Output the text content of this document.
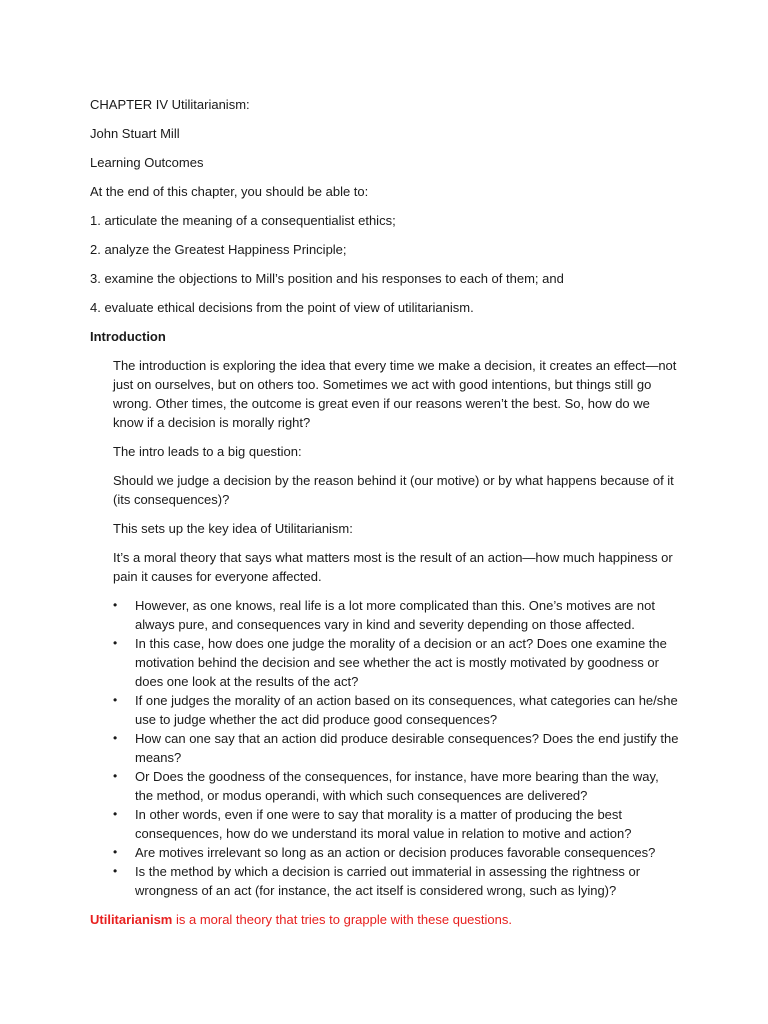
CHAPTER IV Utilitarianism:

John Stuart Mill

Learning Outcomes

At the end of this chapter, you should be able to:

1. articulate the meaning of a consequentialist ethics;

2. analyze the Greatest Happiness Principle;

3. examine the objections to Mill’s position and his responses to each of them; and

4. evaluate ethical decisions from the point of view of utilitarianism.

Introduction

The introduction is exploring the idea that every time we make a decision, it creates an effect—not just on ourselves, but on others too. Sometimes we act with good intentions, but things still go wrong. Other times, the outcome is great even if our reasons weren’t the best. So, how do we know if a decision is morally right?

The intro leads to a big question:

Should we judge a decision by the reason behind it (our motive) or by what happens because of it (its consequences)?

This sets up the key idea of Utilitarianism:

It’s a moral theory that says what matters most is the result of an action—how much happiness or pain it causes for everyone affected.

• However, as one knows, real life is a lot more complicated than this. One’s motives are not always pure, and consequences vary in kind and severity depending on those affected.
• In this case, how does one judge the morality of a decision or an act? Does one examine the motivation behind the decision and see whether the act is mostly motivated by goodness or does one look at the results of the act?
• If one judges the morality of an action based on its consequences, what categories can he/she use to judge whether the act did produce good consequences?
• How can one say that an action did produce desirable consequences? Does the end justify the means?
• Or Does the goodness of the consequences, for instance, have more bearing than the way, the method, or modus operandi, with which such consequences are delivered?
• In other words, even if one were to say that morality is a matter of producing the best consequences, how do we understand its moral value in relation to motive and action?
• Are motives irrelevant so long as an action or decision produces favorable consequences?
• Is the method by which a decision is carried out immaterial in assessing the rightness or wrongness of an act (for instance, the act itself is considered wrong, such as lying)?

Utilitarianism is a moral theory that tries to grapple with these questions.
